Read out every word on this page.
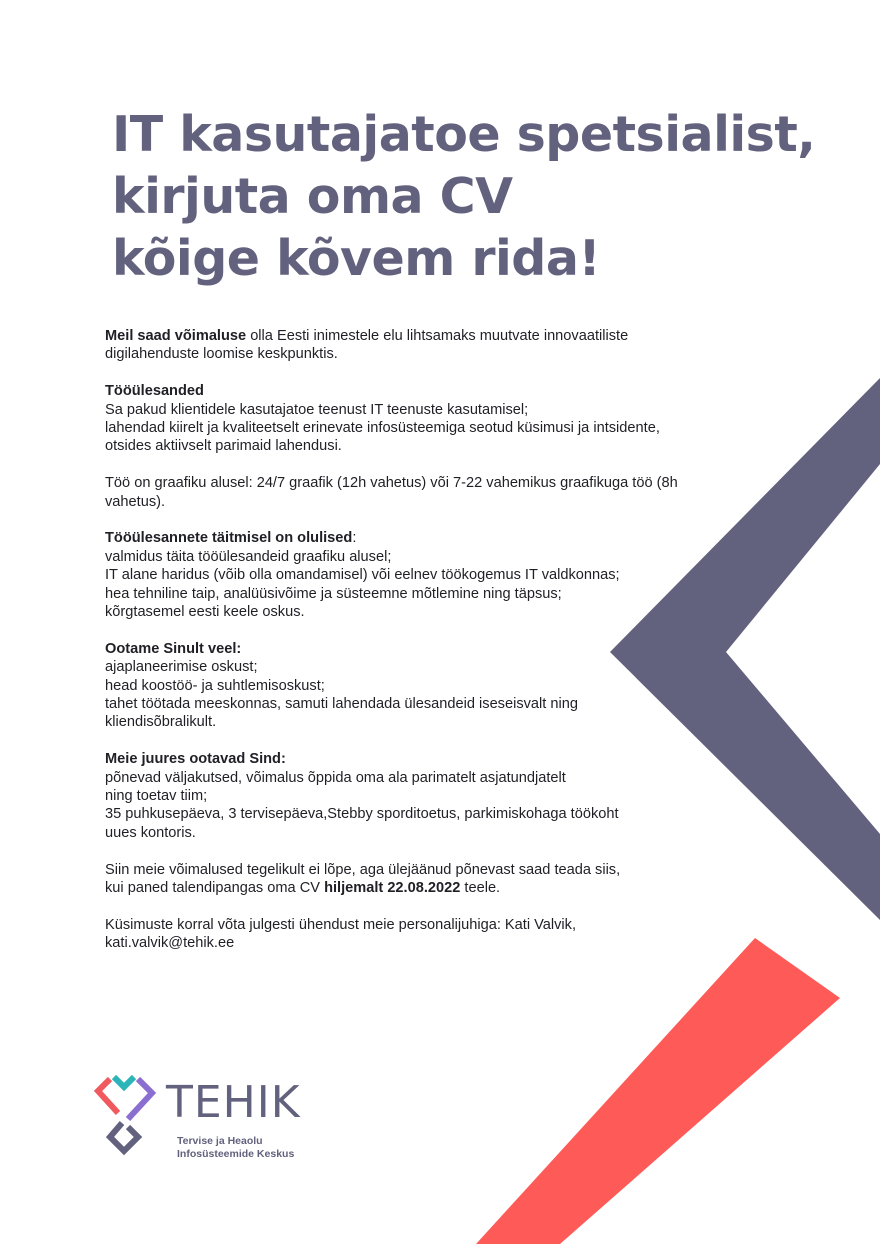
IT kasutajatoe spetsialist,
kirjuta oma CV
kõige kõvem rida!

Meil saad võimaluse olla Eesti inimestele elu lihtsamaks muutvate innovaatiliste
digilahenduste loomise keskpunktis.

Tööülesanded
Sa pakud klientidele kasutajatoe teenust IT teenuste kasutamisel;
lahendad kiirelt ja kvaliteetselt erinevate infosüsteemiga seotud küsimusi ja intsidente,
otsides aktiivselt parimaid lahendusi.

Töö on graafiku alusel: 24/7 graafik (12h vahetus) või 7-22 vahemikus graafikuga töö (8h
vahetus).

Tööülesannete täitmisel on olulised:
valmidus täita tööülesandeid graafiku alusel;
IT alane haridus (võib olla omandamisel) või eelnev töökogemus IT valdkonnas;
hea tehniline taip, analüüsivõime ja süsteemne mõtlemine ning täpsus;
kõrgtasemel eesti keele oskus.

Ootame Sinult veel:
ajaplaneerimise oskust;
head koostöö- ja suhtlemisoskust;
tahet töötada meeskonnas, samuti lahendada ülesandeid iseseisvalt ning
kliendisõbralikult.

Meie juures ootavad Sind:
põnevad väljakutsed, võimalus õppida oma ala parimatelt asjatundjatelt
ning toetav tiim;
35 puhkusepäeva, 3 tervisepäeva,Stebby sporditoetus, parkimiskohaga töökoht
uues kontoris.

Siin meie võimalused tegelikult ei lõpe, aga ülejäänud põnevast saad teada siis,
kui paned talendipangas oma CV hiljemalt 22.08.2022 teele.

Küsimuste korral võta julgesti ühendust meie personalijuhiga: Kati Valvik,
kati.valvik@tehik.ee

TEHIK
Tervise ja Heaolu
Infosüsteemide Keskus
